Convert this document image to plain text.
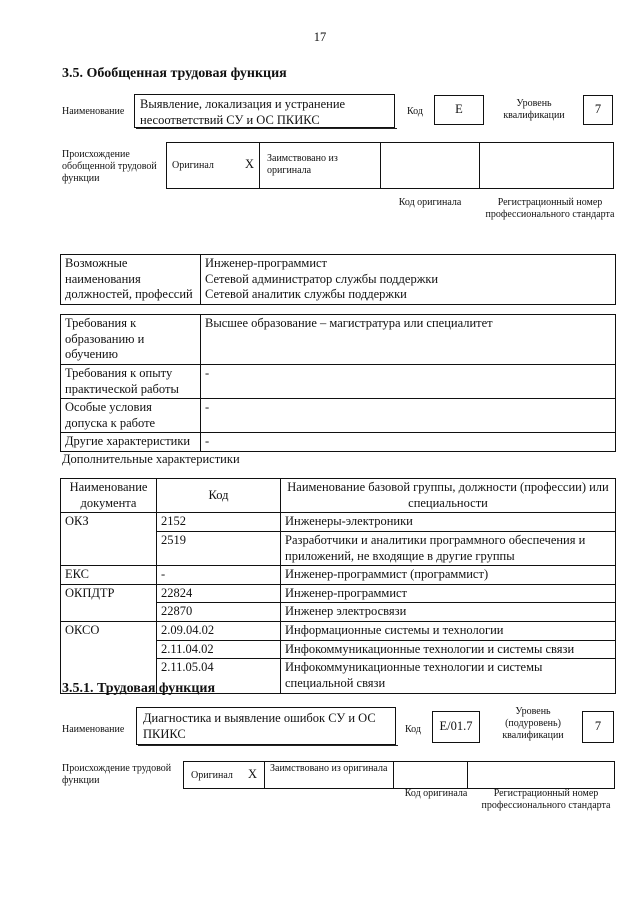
17
3.5. Обобщенная трудовая функция
Наименование
Выявление, локализация и устранение несоответствий СУ и ОС ПКИКС
Код	E	Уровень квалификации	7
Происхождение обобщенной трудовой функции
Оригинал X Заимствовано из оригинала
Код оригинала	Регистрационный номер профессионального стандарта
Возможные наименования должностей, профессий	Инженер-программист
Сетевой администратор службы поддержки
Сетевой аналитик службы поддержки
Требования к образованию и обучению	Высшее образование – магистратура или специалитет
Требования к опыту практической работы	-
Особые условия допуска к работе	-
Другие характеристики	-
Дополнительные характеристики
Наименование документа	Код	Наименование базовой группы, должности (профессии) или специальности
ОКЗ	2152	Инженеры-электроники
	2519	Разработчики и аналитики программного обеспечения и приложений, не входящие в другие группы
ЕКС	-	Инженер-программист (программист)
ОКПДТР	22824	Инженер-программист
	22870	Инженер электросвязи
ОКСО	2.09.04.02	Информационные системы и технологии
	2.11.04.02	Инфокоммуникационные технологии и системы связи
	2.11.05.04	Инфокоммуникационные технологии и системы специальной связи
3.5.1. Трудовая функция
Наименование
Диагностика и выявление ошибок СУ и ОС ПКИКС	Код E/01.7
Уровень (подуровень) квалификации
7
Происхождение трудовой функции	Оригинал X Заимствовано из оригинала
Код оригинала	Регистрационный номер профессионального стандарта
